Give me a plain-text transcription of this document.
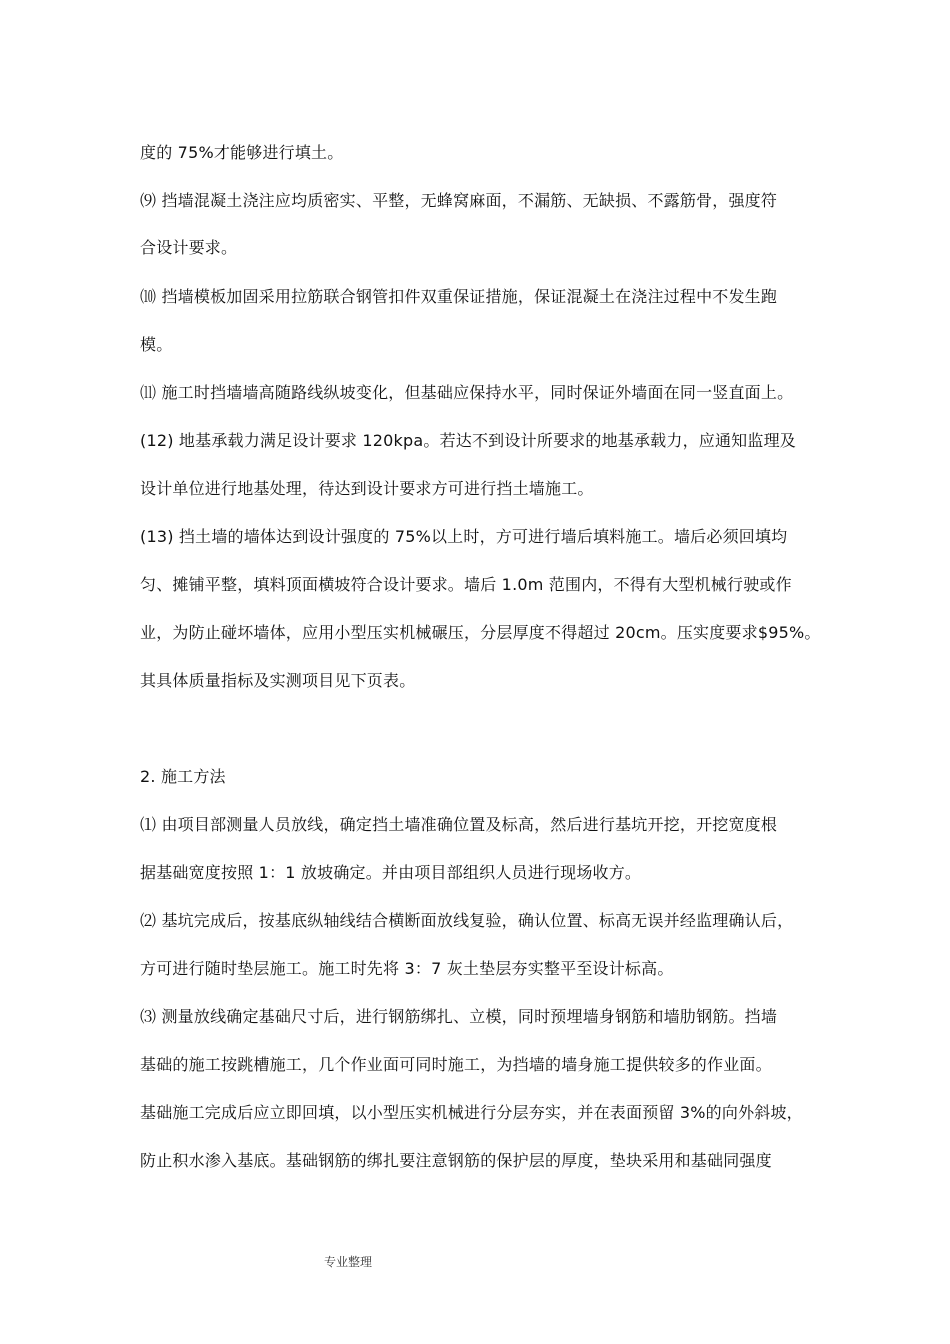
度的 75%才能够进行填土。
⑼ 挡墙混凝土浇注应均质密实、平整，无蜂窝麻面，不漏筋、无缺损、不露筋骨，强度符
合设计要求。
⑽ 挡墙模板加固采用拉筋联合钢管扣件双重保证措施，保证混凝土在浇注过程中不发生跑
模。
⑾ 施工时挡墙墙高随路线纵坡变化，但基础应保持水平，同时保证外墙面在同一竖直面上。
(12) 地基承载力满足设计要求 120kpa。若达不到设计所要求的地基承载力，应通知监理及
设计单位进行地基处理，待达到设计要求方可进行挡土墙施工。
(13) 挡土墙的墙体达到设计强度的 75%以上时，方可进行墙后填料施工。墙后必须回填均
匀、摊铺平整，填料顶面横坡符合设计要求。墙后 1.0m 范围内，不得有大型机械行驶或作
业，为防止碰坏墙体，应用小型压实机械碾压，分层厚度不得超过 20cm。压实度要求$95%。
其具体质量指标及实测项目见下页表。
2. 施工方法
⑴ 由项目部测量人员放线，确定挡土墙准确位置及标高，然后进行基坑开挖，开挖宽度根
据基础宽度按照 1：1 放坡确定。并由项目部组织人员进行现场收方。
⑵ 基坑完成后，按基底纵轴线结合横断面放线复验，确认位置、标高无误并经监理确认后，
方可进行随时垫层施工。施工时先将 3：7 灰土垫层夯实整平至设计标高。
⑶ 测量放线确定基础尺寸后，进行钢筋绑扎、立模，同时预埋墙身钢筋和墙肋钢筋。挡墙
基础的施工按跳槽施工，几个作业面可同时施工，为挡墙的墙身施工提供较多的作业面。
基础施工完成后应立即回填，以小型压实机械进行分层夯实，并在表面预留 3%的向外斜坡，
防止积水渗入基底。基础钢筋的绑扎要注意钢筋的保护层的厚度，垫块采用和基础同强度
专业整理
